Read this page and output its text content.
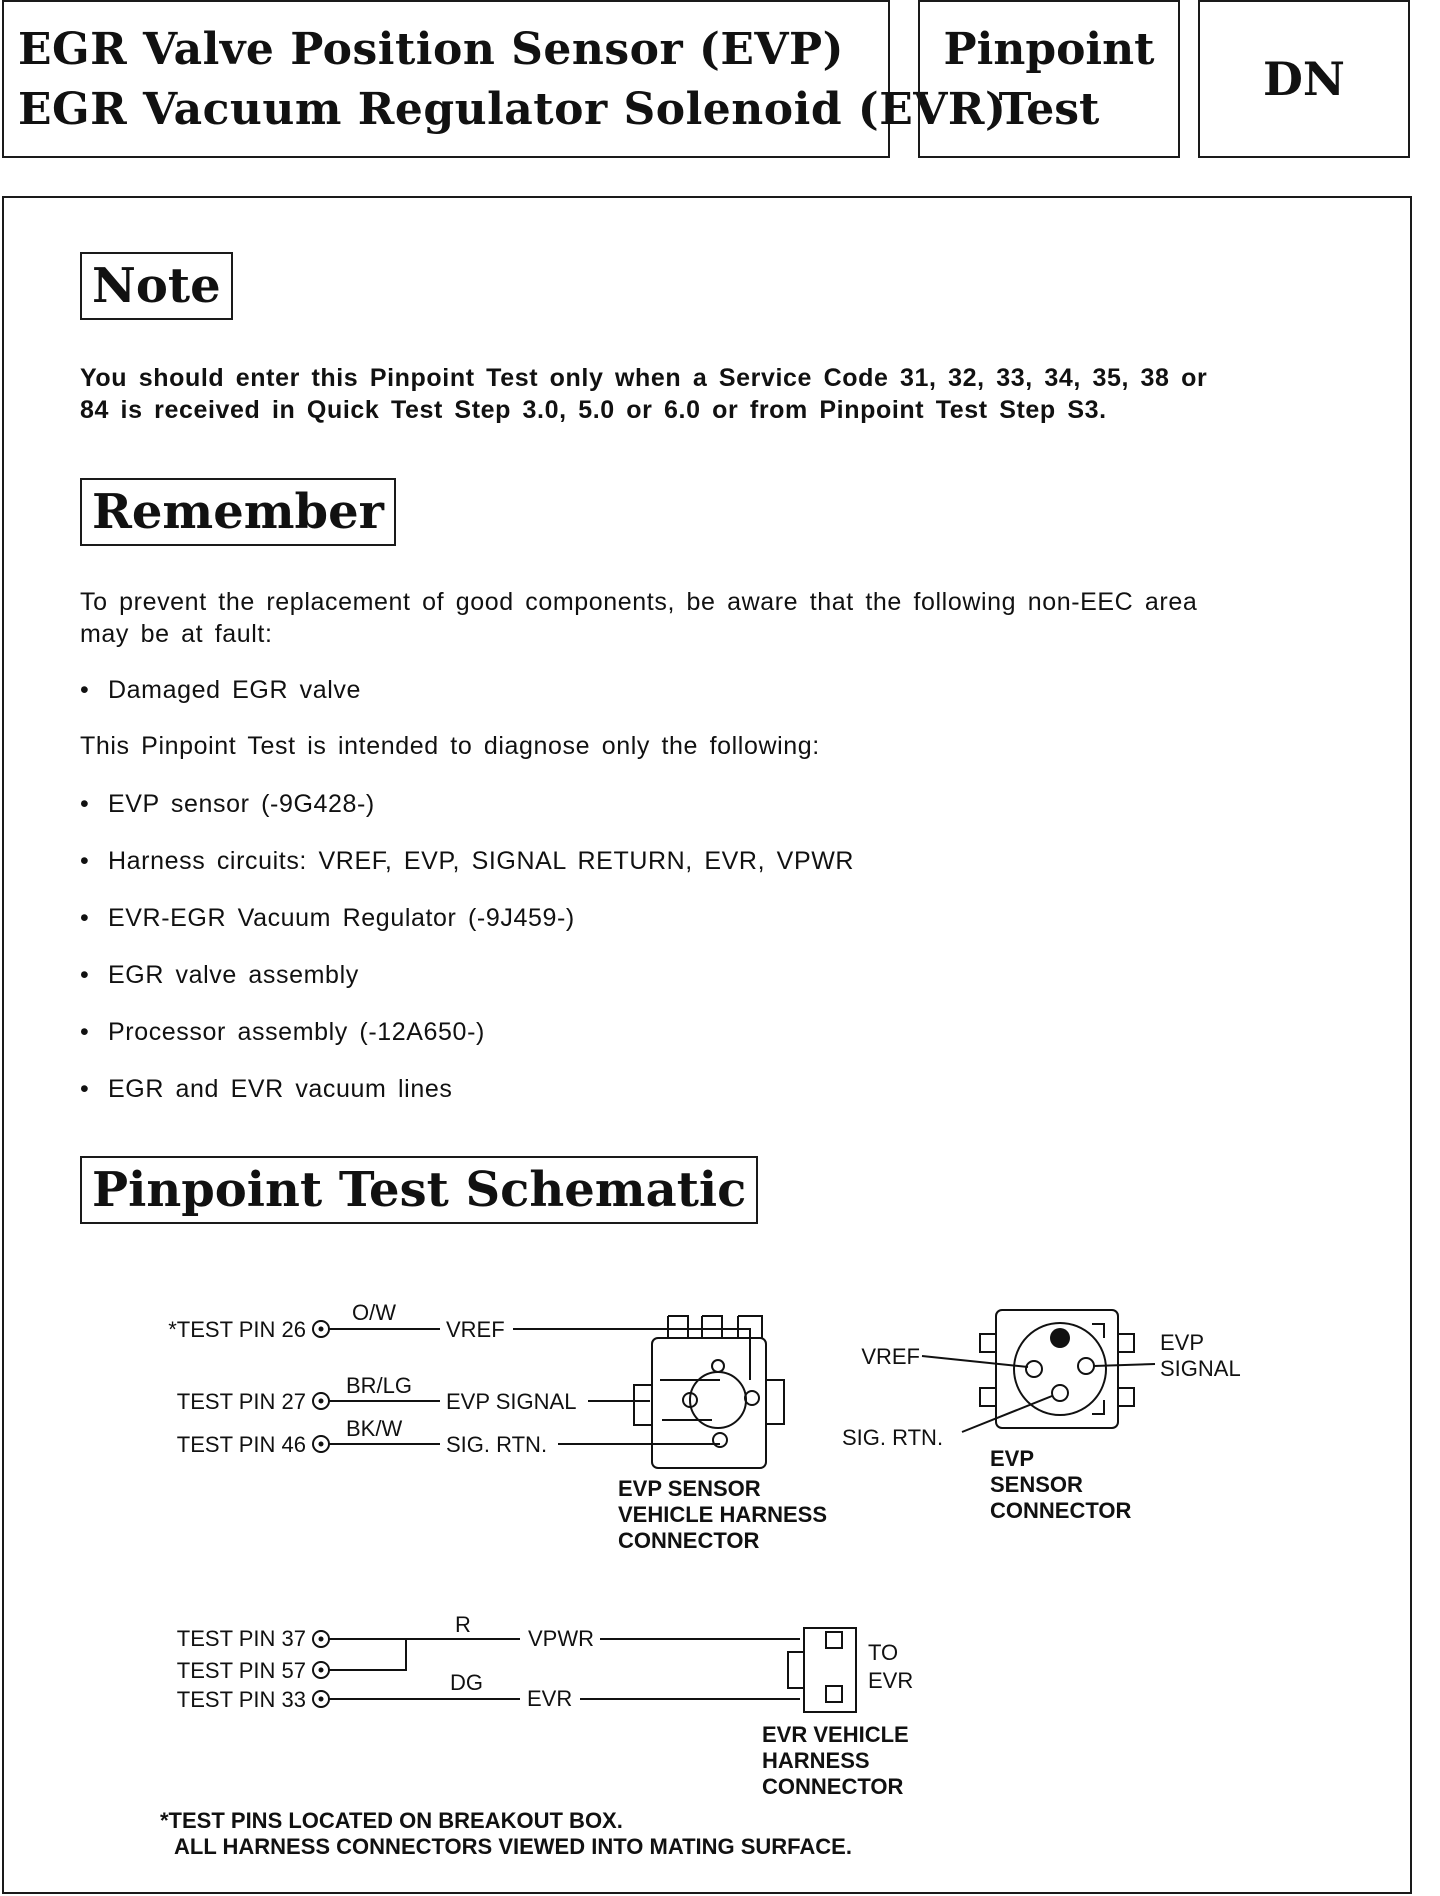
EGR Valve Position Sensor (EVP)
EGR Vacuum Regulator Solenoid (EVR)
Pinpoint
Test
DN
Note
You should enter this Pinpoint Test only when a Service Code 31, 32, 33, 34, 35, 38 or
84 is received in Quick Test Step 3.0, 5.0 or 6.0 or from Pinpoint Test Step S3.
Remember
To prevent the replacement of good components, be aware that the following non-EEC area
may be at fault:
• Damaged EGR valve
This Pinpoint Test is intended to diagnose only the following:
• EVP sensor (-9G428-)
• Harness circuits: VREF, EVP, SIGNAL RETURN, EVR, VPWR
• EVR-EGR Vacuum Regulator (-9J459-)
• EGR valve assembly
• Processor assembly (-12A650-)
• EGR and EVR vacuum lines
Pinpoint Test Schematic
*TEST PIN 26
TEST PIN 27
TEST PIN 46
O/W
BR/LG
BK/W
VREF
EVP SIGNAL
SIG. RTN.
EVP SENSOR
VEHICLE HARNESS
CONNECTOR
EVP
SENSOR
CONNECTOR
VREF
SIG. RTN.
EVP
SIGNAL
TEST PIN 37
TEST PIN 57
TEST PIN 33
R
DG
VPWR
EVR
TO
EVR
EVR VEHICLE
HARNESS
CONNECTOR
*TEST PINS LOCATED ON BREAKOUT BOX.
ALL HARNESS CONNECTORS VIEWED INTO MATING SURFACE.
